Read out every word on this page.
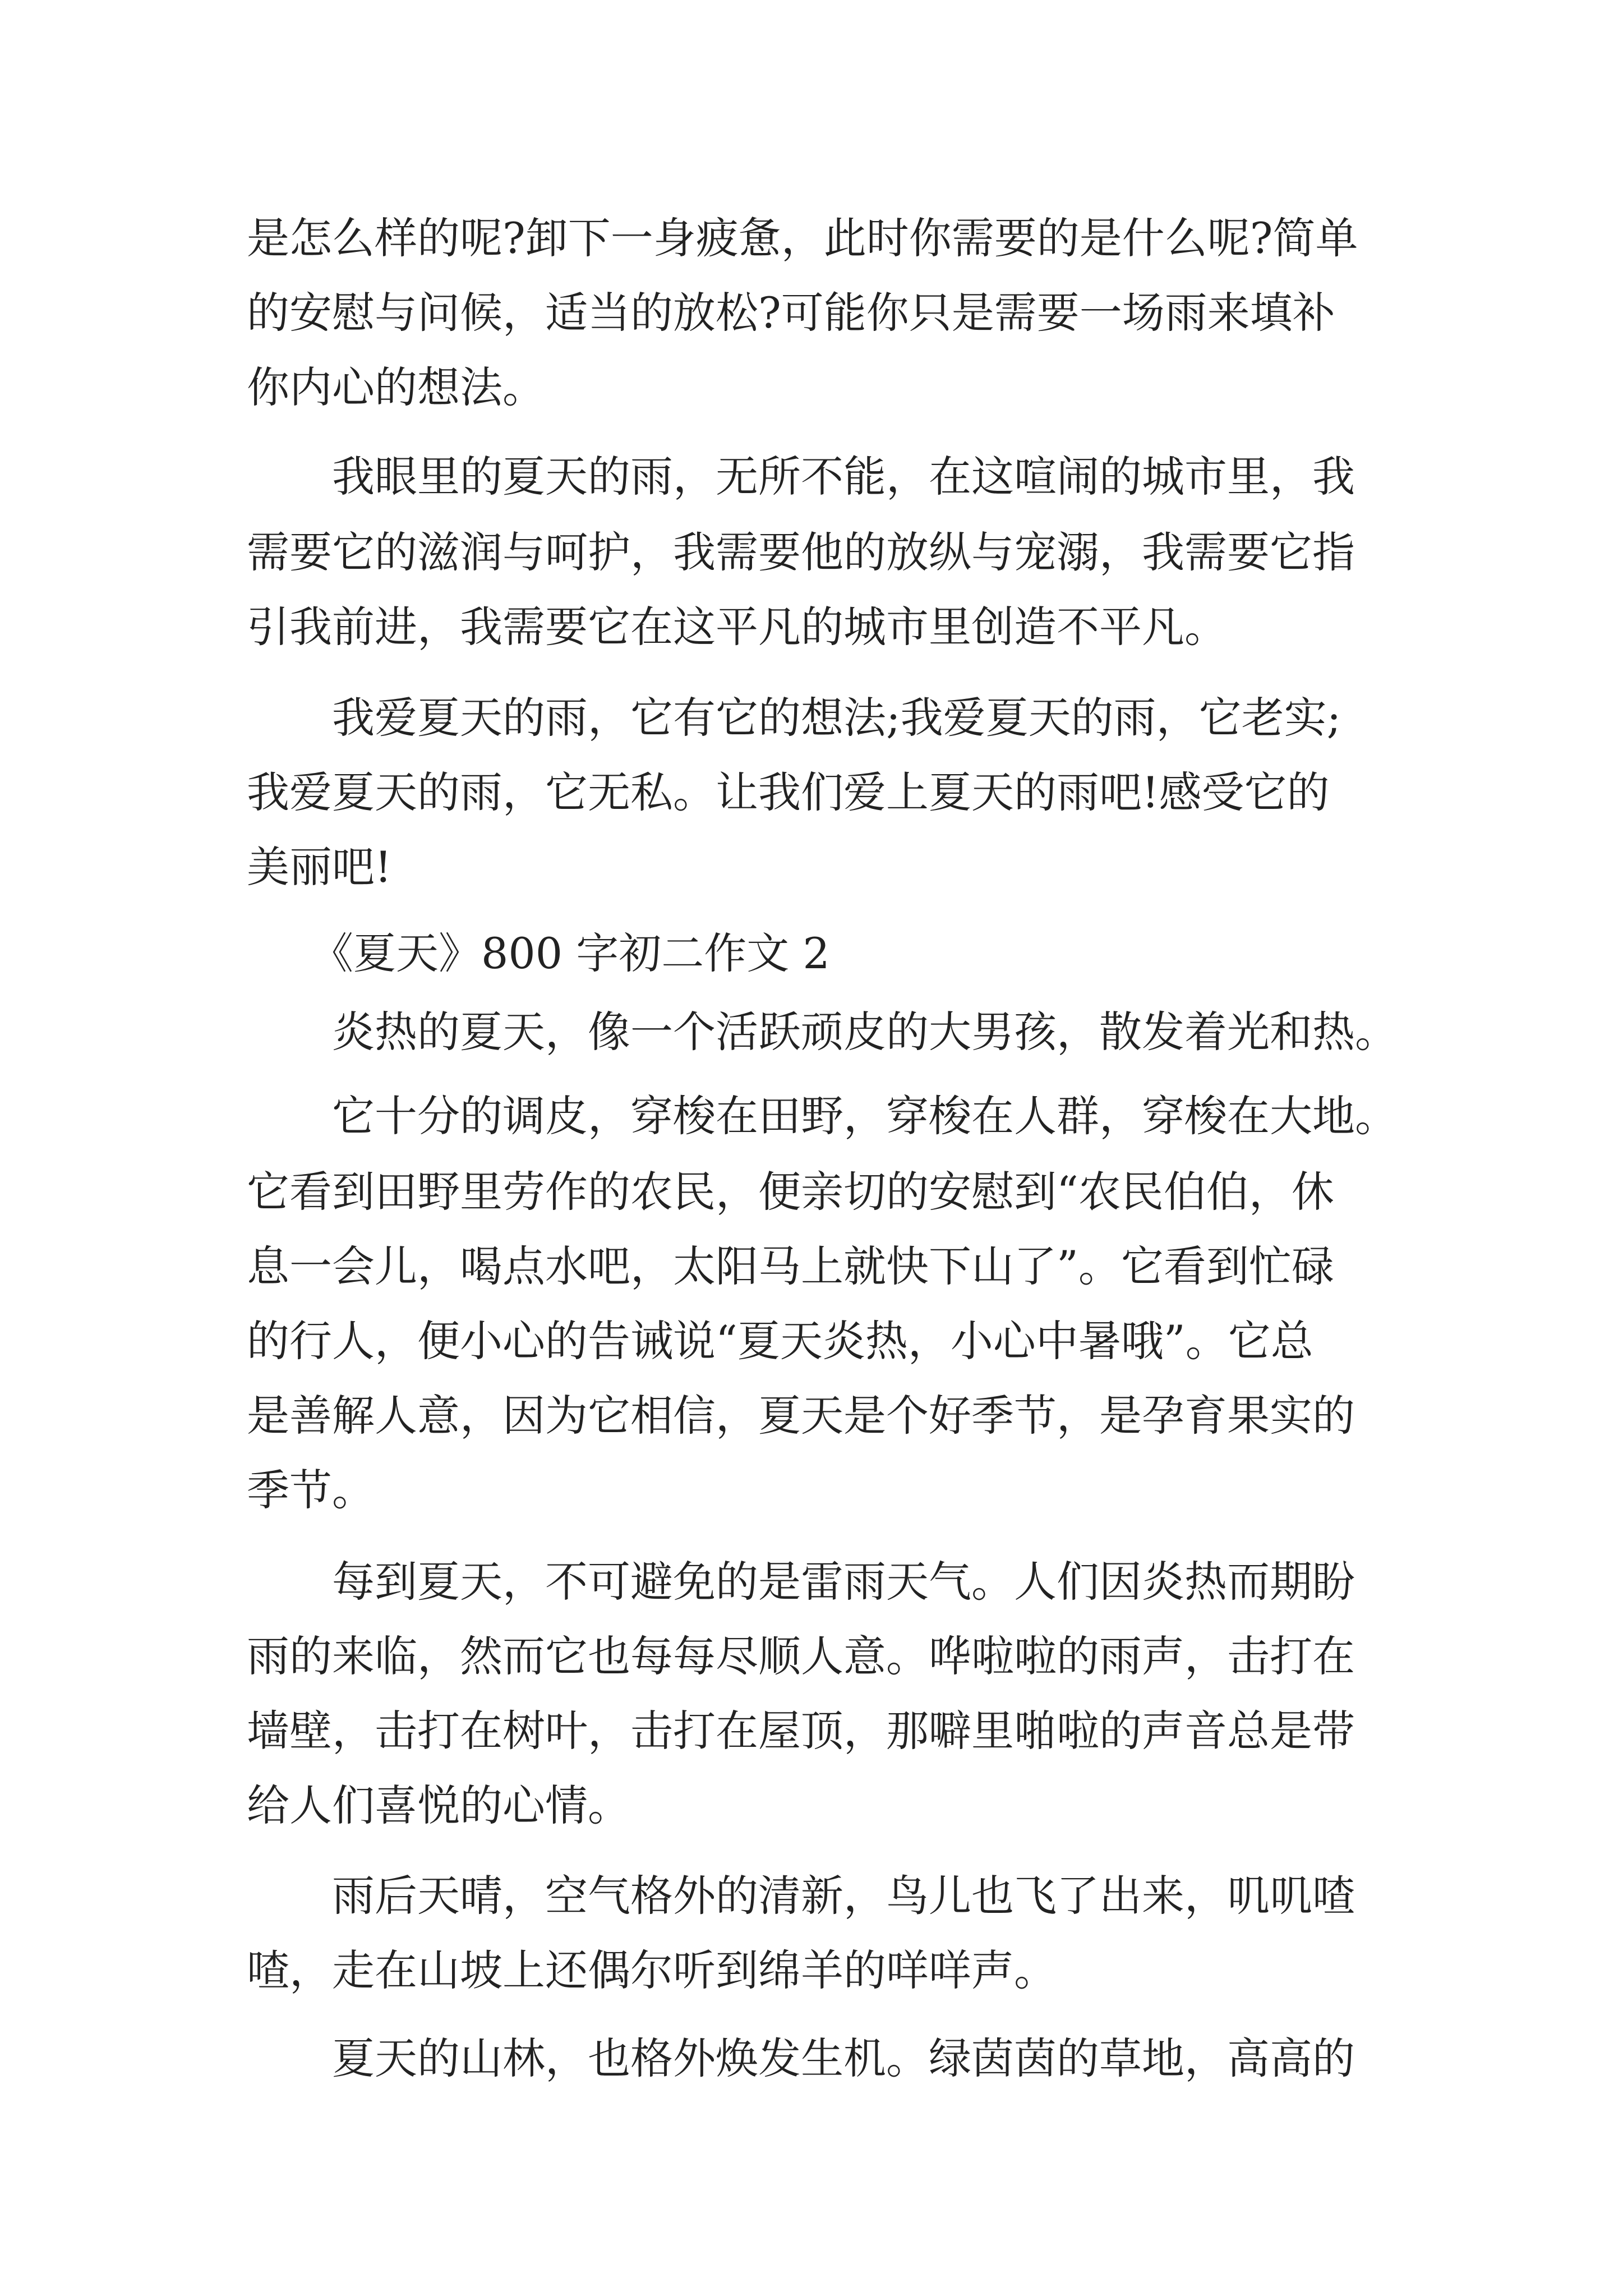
是怎么样的呢?卸下一身疲惫，此时你需要的是什么呢?简单
的安慰与问候，适当的放松?可能你只是需要一场雨来填补
你内心的想法。
　　我眼里的夏天的雨，无所不能，在这喧闹的城市里，我
需要它的滋润与呵护，我需要他的放纵与宠溺，我需要它指
引我前进，我需要它在这平凡的城市里创造不平凡。
　　我爱夏天的雨，它有它的想法;我爱夏天的雨，它老实;
我爱夏天的雨，它无私。让我们爱上夏天的雨吧!感受它的
美丽吧!
　　《夏天》800 字初二作文 2
　　炎热的夏天，像一个活跃顽皮的大男孩，散发着光和热。
　　它十分的调皮，穿梭在田野，穿梭在人群，穿梭在大地。
它看到田野里劳作的农民，便亲切的安慰到“农民伯伯，休
息一会儿，喝点水吧，太阳马上就快下山了”。它看到忙碌
的行人，便小心的告诫说“夏天炎热，小心中暑哦”。它总
是善解人意，因为它相信，夏天是个好季节，是孕育果实的
季节。
　　每到夏天，不可避免的是雷雨天气。人们因炎热而期盼
雨的来临，然而它也每每尽顺人意。哗啦啦的雨声，击打在
墙壁，击打在树叶，击打在屋顶，那噼里啪啦的声音总是带
给人们喜悦的心情。
　　雨后天晴，空气格外的清新，鸟儿也飞了出来，叽叽喳
喳，走在山坡上还偶尔听到绵羊的咩咩声。
　　夏天的山林，也格外焕发生机。绿茵茵的草地，高高的
